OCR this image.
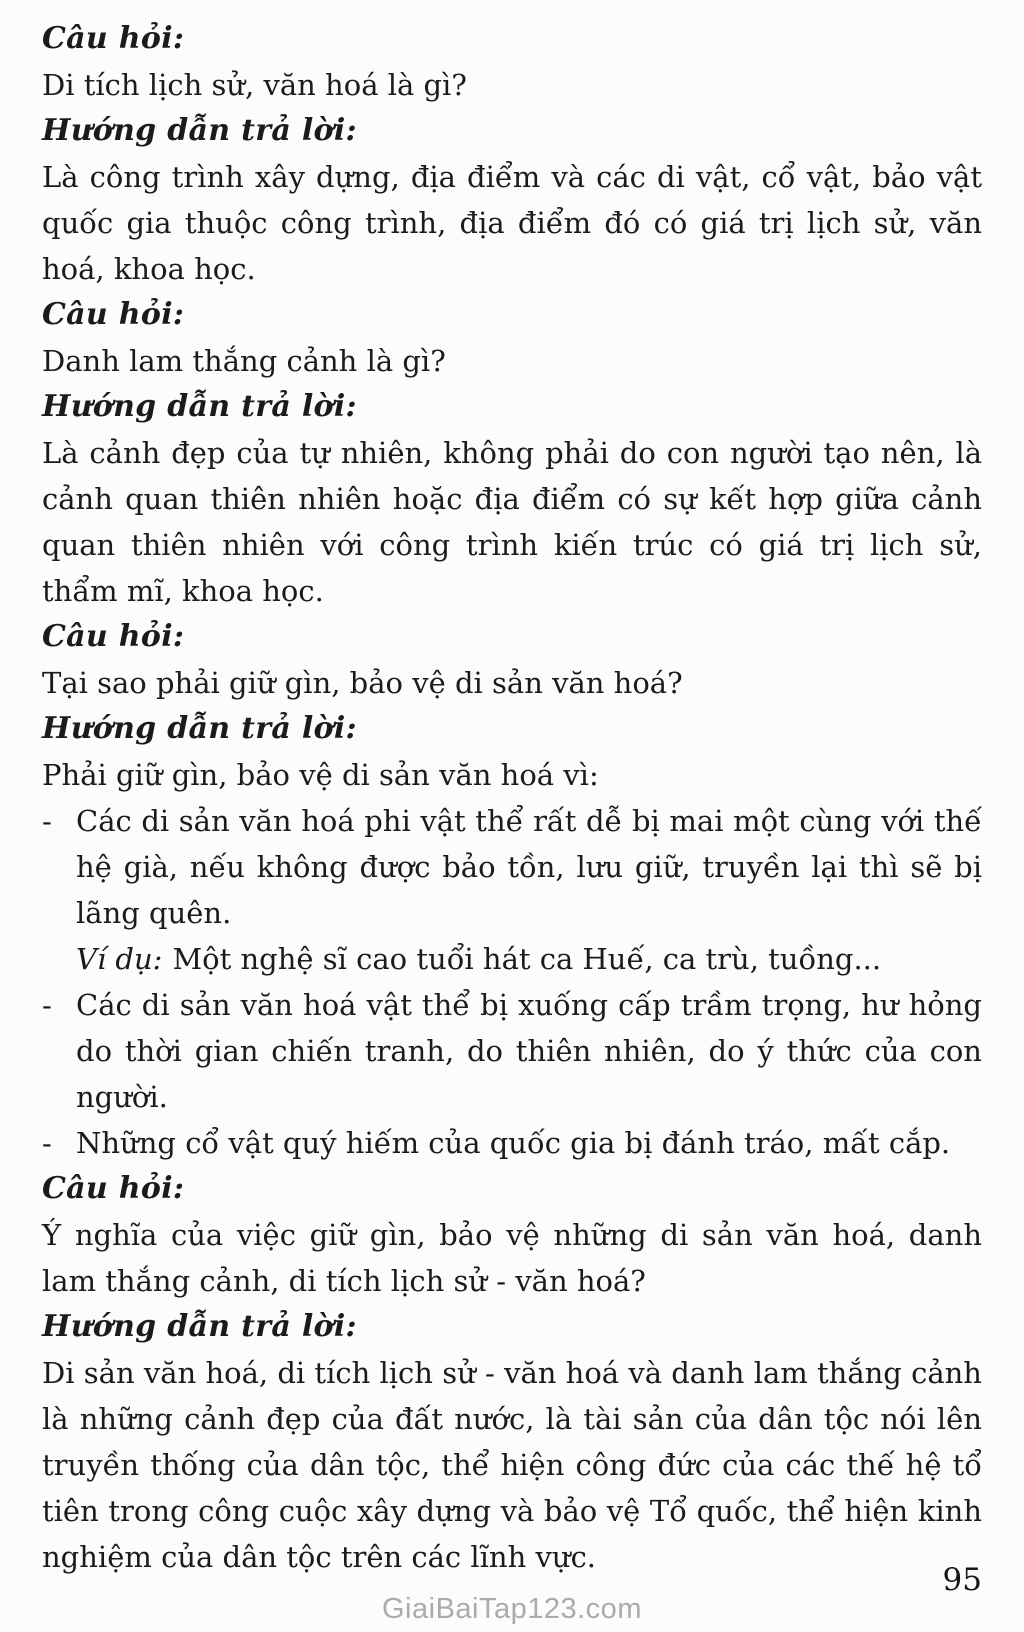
Câu hỏi:

Di tích lịch sử, văn hoá là gì?

Hướng dẫn trả lời:

Là công trình xây dựng, địa điểm và các di vật, cổ vật, bảo vật quốc gia thuộc công trình, địa điểm đó có giá trị lịch sử, văn hoá, khoa học.

Câu hỏi:

Danh lam thắng cảnh là gì?

Hướng dẫn trả lời:

Là cảnh đẹp của tự nhiên, không phải do con người tạo nên, là cảnh quan thiên nhiên hoặc địa điểm có sự kết hợp giữa cảnh quan thiên nhiên với công trình kiến trúc có giá trị lịch sử, thẩm mĩ, khoa học.

Câu hỏi:

Tại sao phải giữ gìn, bảo vệ di sản văn hoá?

Hướng dẫn trả lời:

Phải giữ gìn, bảo vệ di sản văn hoá vì:

- Các di sản văn hoá phi vật thể rất dễ bị mai một cùng với thế hệ già, nếu không được bảo tồn, lưu giữ, truyền lại thì sẽ bị lãng quên.

Ví dụ: Một nghệ sĩ cao tuổi hát ca Huế, ca trù, tuồng...

- Các di sản văn hoá vật thể bị xuống cấp trầm trọng, hư hỏng do thời gian chiến tranh, do thiên nhiên, do ý thức của con người.
- Những cổ vật quý hiếm của quốc gia bị đánh tráo, mất cắp.
Câu hỏi:

Ý nghĩa của việc giữ gìn, bảo vệ những di sản văn hoá, danh lam thắng cảnh, di tích lịch sử - văn hoá?

Hướng dẫn trả lời:

Di sản văn hoá, di tích lịch sử - văn hoá và danh lam thắng cảnh là những cảnh đẹp của đất nước, là tài sản của dân tộc nói lên truyền thống của dân tộc, thể hiện công đức của các thế hệ tổ tiên trong công cuộc xây dựng và bảo vệ Tổ quốc, thể hiện kinh nghiệm của dân tộc trên các lĩnh vực.

95
GiaiBaiTap123.com
